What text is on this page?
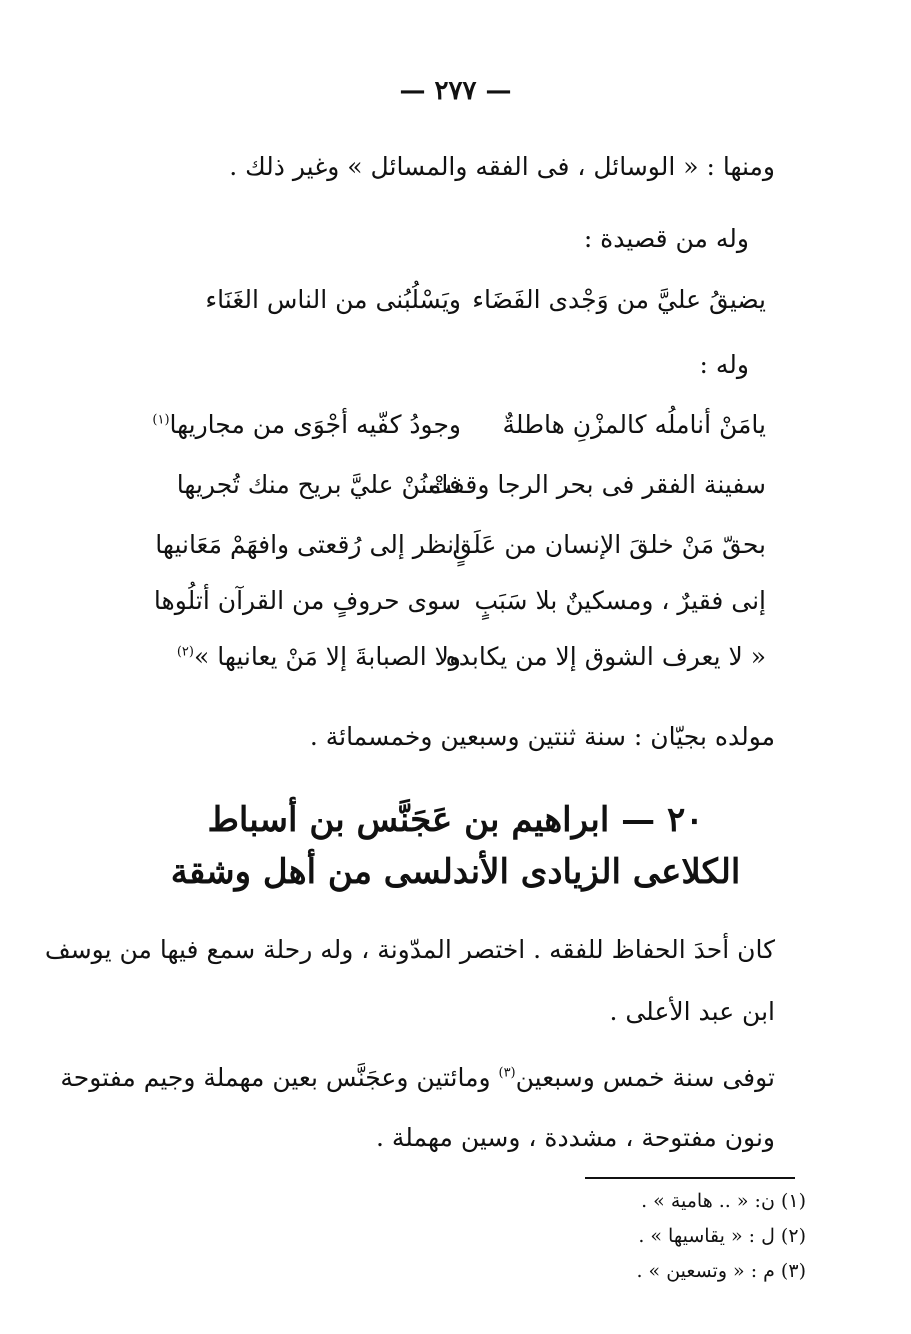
— ٢٧٧ —
ومنها : « الوسائل ، فى الفقه والمسائل » وغير ذلك .
وله من قصيدة :
يضيقُ عليَّ من وَجْدى الفَضَاء
ويَسْلُبُنى من الناس الغَنَاء
وله :
يامَنْ أناملُه كالمزْنِ هاطلةٌ
وجودُ كفّيه أجْوَى من مجاريها$^{(١)}$
سفينة الفقر فى بحر الرجا وقفتْ
فامنُنْ عليَّ بريح منك تُجريها
بحقّ مَنْ خلقَ الإنسان من عَلَقٍ
انظر إلى رُقعتى وافهَمْ مَعَانيها
إنى فقيرٌ ، ومسكينٌ بلا سَبَبٍ
سوى حروفٍ من القرآن أتلُوها
« لا يعرف الشوق إلا من يكابده
ولا الصبابةَ إلا مَنْ يعانيها »$^{(٢)}$
مولده بجيّان : سنة ثنتين وسبعين وخمسمائة .
٢٠ — ابراهيم بن عَجَنَّس بن أسباط
الكلاعى الزيادى الأندلسى من أهل وشقة
كان أحدَ الحفاظ للفقه . اختصر المدّونة ، وله رحلة سمع فيها من يوسف
ابن عبد الأعلى .
توفى سنة خمس وسبعين$^{(٣)}$ ومائتين وعجَنَّس بعين مهملة وجيم مفتوحة
ونون مفتوحة ، مشددة ، وسين مهملة .
(١) ن: « .. هامية » .
(٢) ل : « يقاسيها » .
(٣) م : « وتسعين » .
